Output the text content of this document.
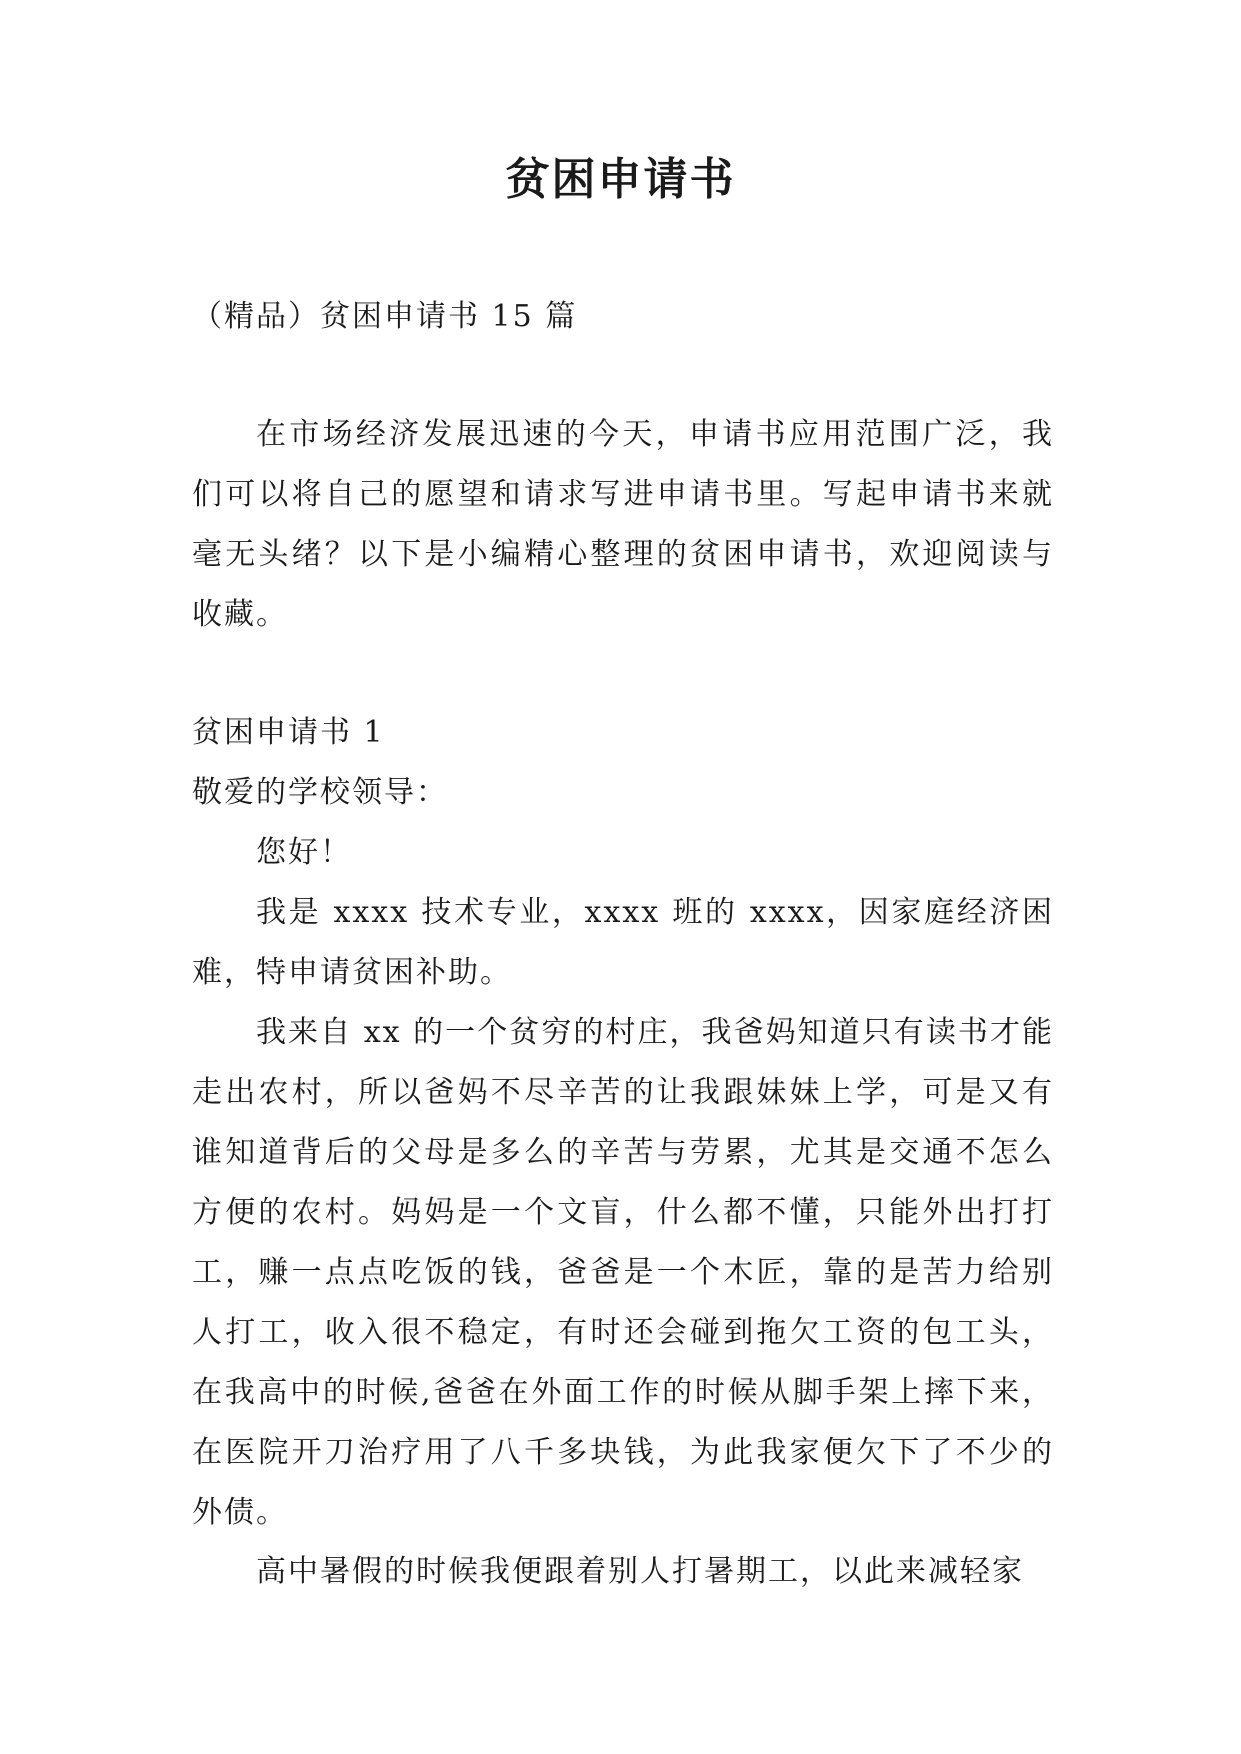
贫困申请书

（精品）贫困申请书 15 篇

在市场经济发展迅速的今天，申请书应用范围广泛，我们可以将自己的愿望和请求写进申请书里。写起申请书来就毫无头绪？以下是小编精心整理的贫困申请书，欢迎阅读与收藏。

贫困申请书 1

敬爱的学校领导：

您好！

我是 xxxx 技术专业，xxxx 班的 xxxx，因家庭经济困难，特申请贫困补助。

我来自 xx 的一个贫穷的村庄，我爸妈知道只有读书才能走出农村，所以爸妈不尽辛苦的让我跟妹妹上学，可是又有谁知道背后的父母是多么的辛苦与劳累，尤其是交通不怎么方便的农村。妈妈是一个文盲，什么都不懂，只能外出打打工，赚一点点吃饭的钱，爸爸是一个木匠，靠的是苦力给别人打工，收入很不稳定，有时还会碰到拖欠工资的包工头，在我高中的时候,爸爸在外面工作的时候从脚手架上摔下来，在医院开刀治疗用了八千多块钱，为此我家便欠下了不少的外债。

高中暑假的时候我便跟着别人打暑期工，以此来减轻家
